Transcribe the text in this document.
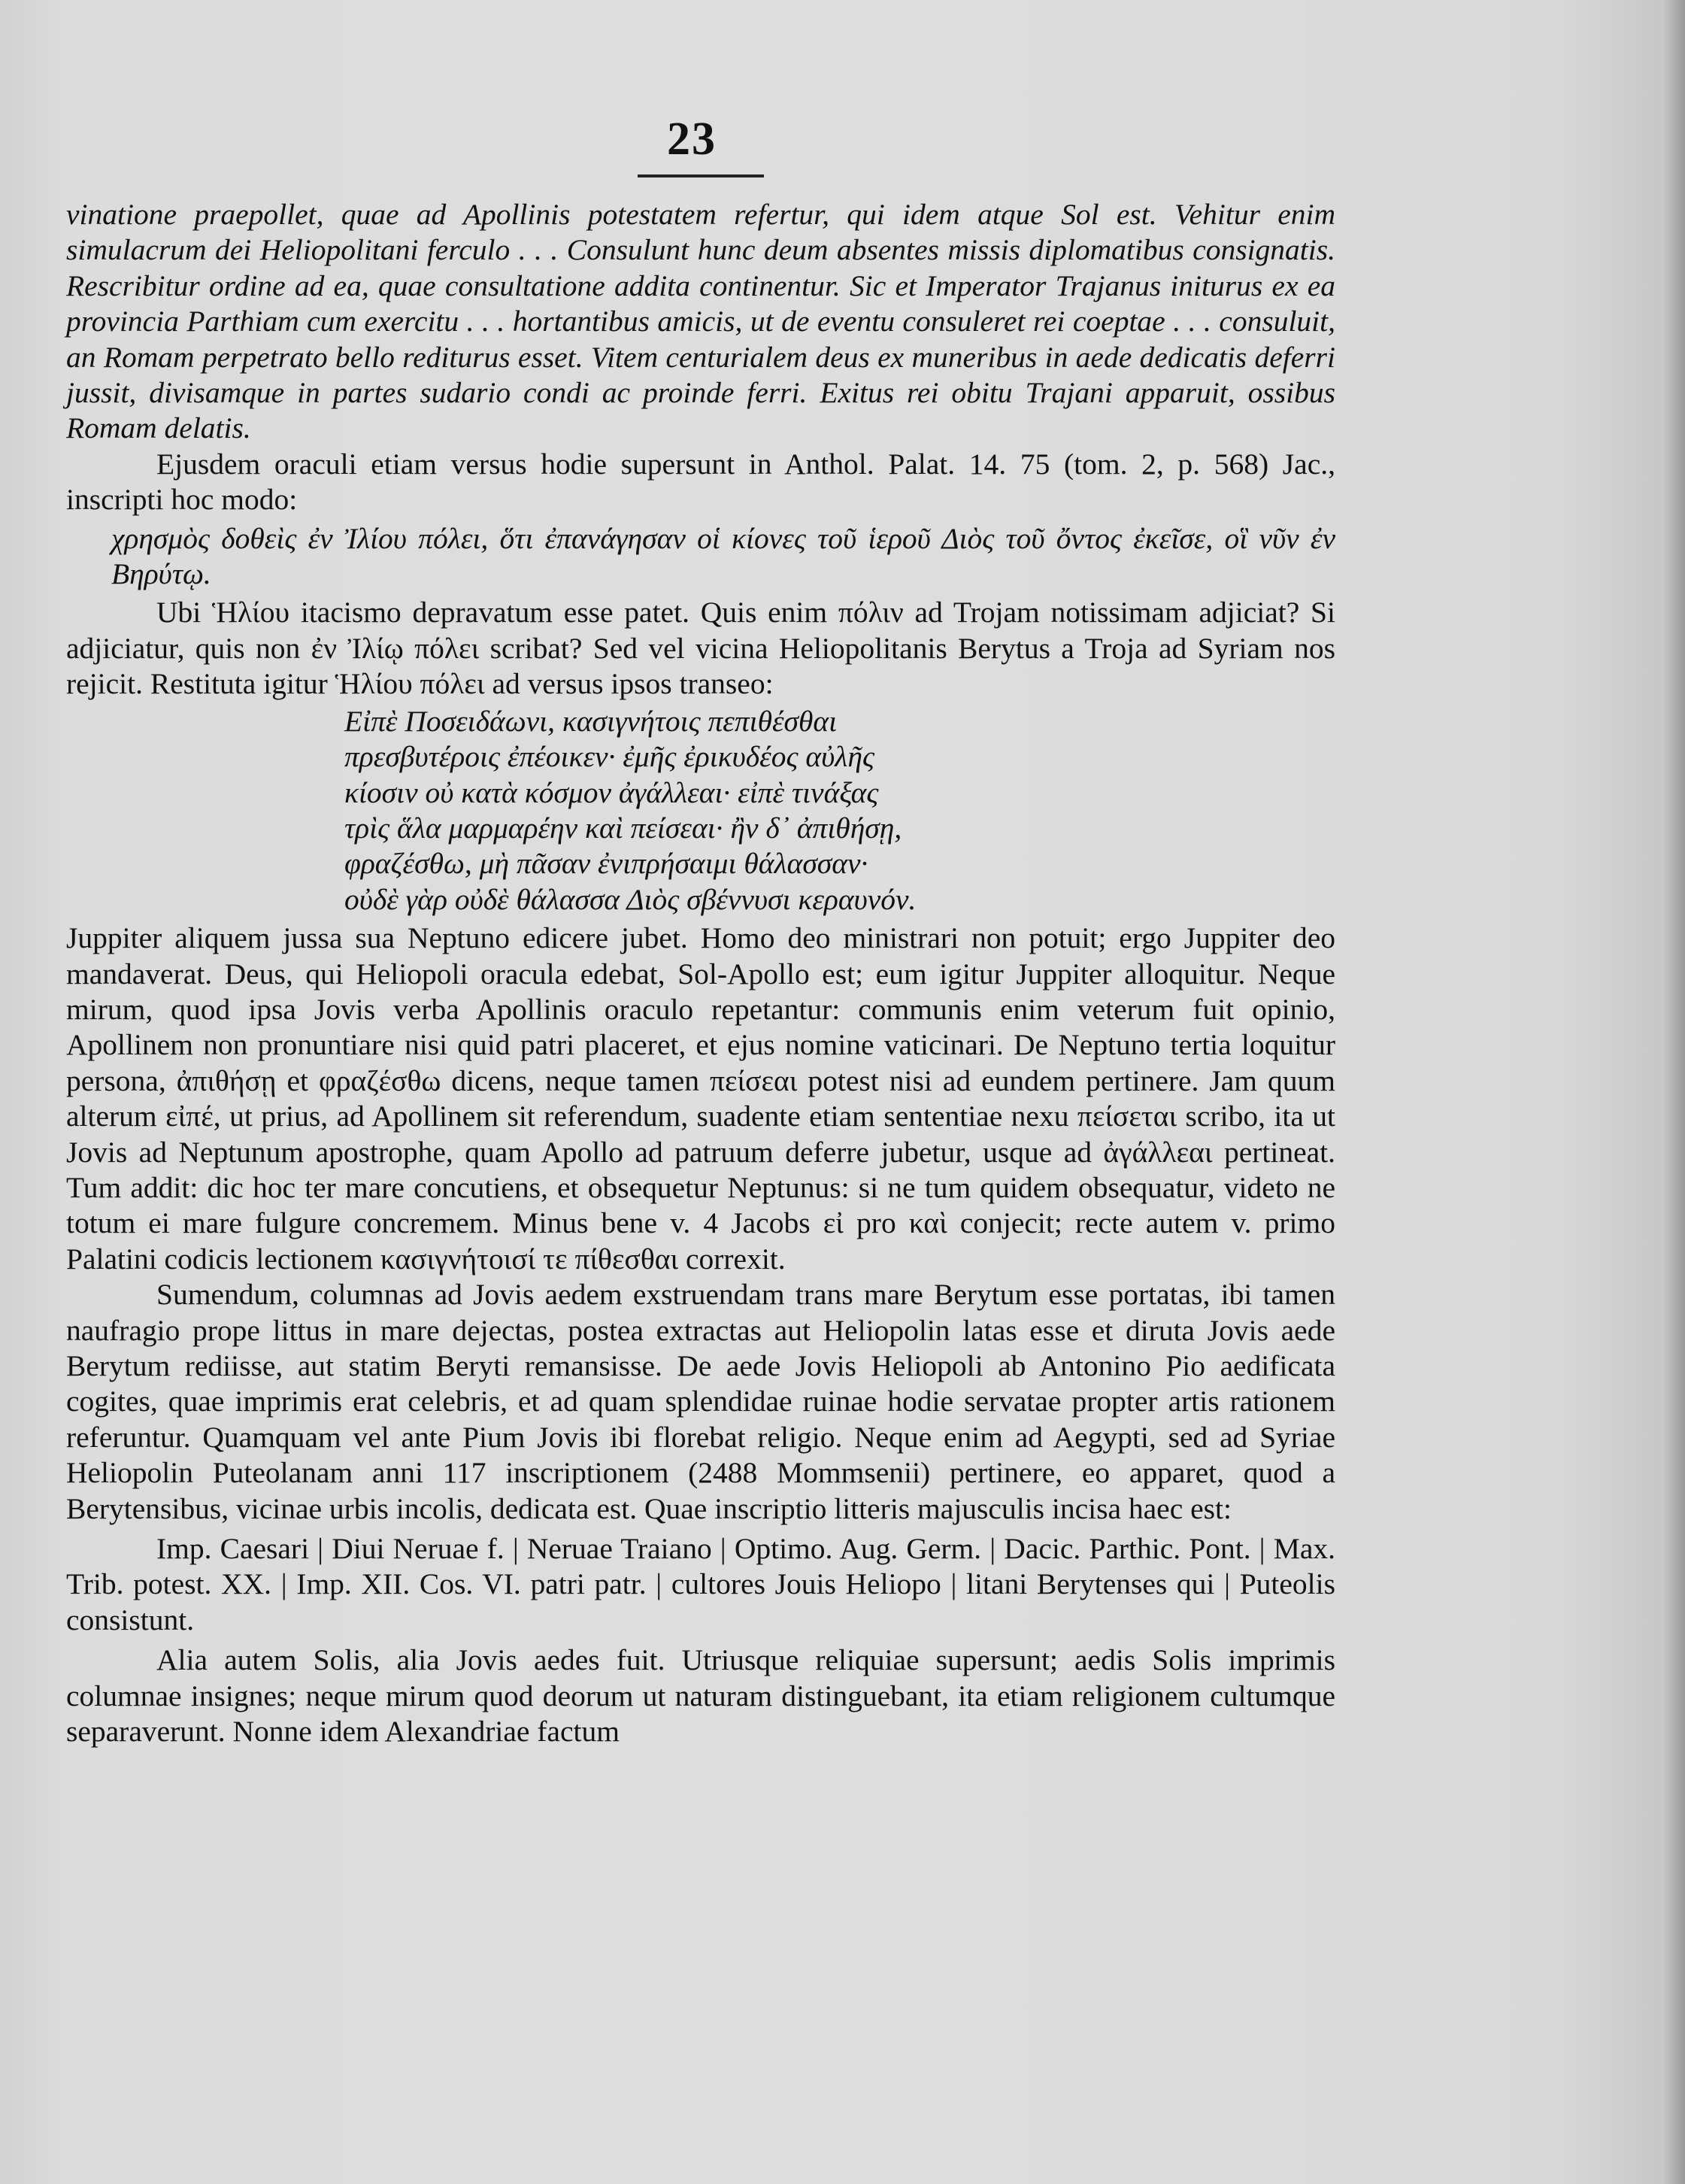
23

vinatione praepollet, quae ad Apollinis potestatem refertur, qui idem atque Sol est. Vehitur enim simulacrum dei Heliopolitani ferculo . . . Consulunt hunc deum absentes missis diplomatibus consignatis. Rescribitur ordine ad ea, quae consultatione addita continentur. Sic et Imperator Trajanus initurus ex ea provincia Parthiam cum exercitu . . . hortantibus amicis, ut de eventu consuleret rei coeptae . . . consuluit, an Romam perpetrato bello rediturus esset. Vitem centurialem deus ex muneribus in aede dedicatis deferri jussit, divisamque in partes sudario condi ac proinde ferri. Exitus rei obitu Trajani apparuit, ossibus Romam delatis.

Ejusdem oraculi etiam versus hodie supersunt in Anthol. Palat. 14. 75 (tom. 2, p. 568) Jac., inscripti hoc modo:

χρησμὸς δοθεὶς ἐν Ἰλίου πόλει, ὅτι ἐπανάγησαν οἱ κίονες τοῦ ἱεροῦ Διὸς τοῦ ὄντος ἐκεῖσε, οἳ νῦν ἐν Βηρύτῳ.

Ubi Ἡλίου itacismo depravatum esse patet. Quis enim πόλιν ad Trojam notissimam adjiciat? Si adjiciatur, quis non ἐν Ἰλίῳ πόλει scribat? Sed vel vicina Heliopolitanis Berytus a Troja ad Syriam nos rejicit. Restituta igitur Ἡλίου πόλει ad versus ipsos transeo:

Εἰπὲ Ποσειδάωνι, κασιγνήτοις πεπιθέσθαι
πρεσβυτέροις ἐπέοικεν· ἐμῆς ἐρικυδέος αὐλῆς
κίοσιν οὐ κατὰ κόσμον ἀγάλλεαι· εἰπὲ τινάξας
τρὶς ἅλα μαρμαρέην καὶ πείσεαι· ἢν δ᾽ ἀπιθήσῃ,
φραζέσθω, μὴ πᾶσαν ἐνιπρήσαιμι θάλασσαν·
οὐδὲ γὰρ οὐδὲ θάλασσα Διὸς σβέννυσι κεραυνόν.

Juppiter aliquem jussa sua Neptuno edicere jubet. Homo deo ministrari non potuit; ergo Juppiter deo mandaverat. Deus, qui Heliopoli oracula edebat, Sol-Apollo est; eum igitur Juppiter alloquitur. Neque mirum, quod ipsa Jovis verba Apollinis oraculo repetantur: communis enim veterum fuit opinio, Apollinem non pronuntiare nisi quid patri placeret, et ejus nomine vaticinari. De Neptuno tertia loquitur persona, ἀπιθήσῃ et φραζέσθω dicens, neque tamen πείσεαι potest nisi ad eundem pertinere. Jam quum alterum εἰπέ, ut prius, ad Apollinem sit referendum, suadente etiam sententiae nexu πείσεται scribo, ita ut Jovis ad Neptunum apostrophe, quam Apollo ad patruum deferre jubetur, usque ad ἀγάλλεαι pertineat. Tum addit: dic hoc ter mare concutiens, et obsequetur Neptunus: si ne tum quidem obsequatur, videto ne totum ei mare fulgure concremem. Minus bene v. 4 Jacobs εἰ pro καὶ conjecit; recte autem v. primo Palatini codicis lectionem κασιγνήτοισί τε πίθεσθαι correxit.

Sumendum, columnas ad Jovis aedem exstruendam trans mare Berytum esse portatas, ibi tamen naufragio prope littus in mare dejectas, postea extractas aut Heliopolin latas esse et diruta Jovis aede Berytum rediisse, aut statim Beryti remansisse. De aede Jovis Heliopoli ab Antonino Pio aedificata cogites, quae imprimis erat celebris, et ad quam splendidae ruinae hodie servatae propter artis rationem referuntur. Quamquam vel ante Pium Jovis ibi florebat religio. Neque enim ad Aegypti, sed ad Syriae Heliopolin Puteolanam anni 117 inscriptionem (2488 Mommsenii) pertinere, eo apparet, quod a Berytensibus, vicinae urbis incolis, dedicata est. Quae inscriptio litteris majusculis incisa haec est:

Imp. Caesari | Diui Neruae f. | Neruae Traiano | Optimo. Aug. Germ. | Dacic. Parthic. Pont. | Max. Trib. potest. XX. | Imp. XII. Cos. VI. patri patr. | cultores Jouis Heliopo | litani Berytenses qui | Puteolis consistunt.

Alia autem Solis, alia Jovis aedes fuit. Utriusque reliquiae supersunt; aedis Solis imprimis columnae insignes; neque mirum quod deorum ut naturam distinguebant, ita etiam religionem cultumque separaverunt. Nonne idem Alexandriae factum
